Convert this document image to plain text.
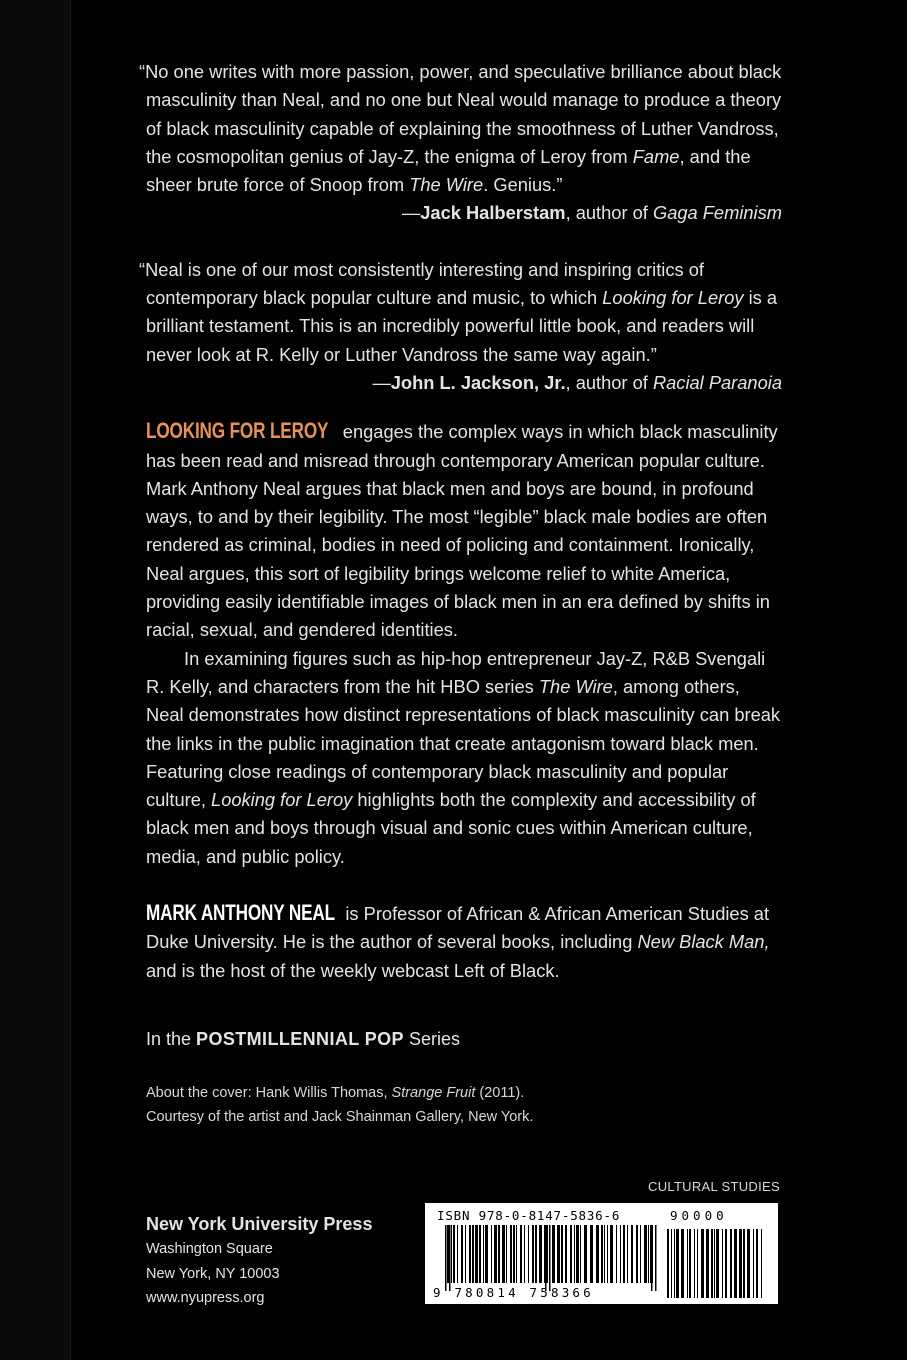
“No one writes with more passion, power, and speculative brilliance about black masculinity than Neal, and no one but Neal would manage to produce a theory of black masculinity capable of explaining the smoothness of Luther Vandross, the cosmopolitan genius of Jay-Z, the enigma of Leroy from Fame, and the sheer brute force of Snoop from The Wire. Genius.”

—Jack Halberstam, author of Gaga Feminism

“Neal is one of our most consistently interesting and inspiring critics of contemporary black popular culture and music, to which Looking for Leroy is a brilliant testament. This is an incredibly powerful little book, and readers will never look at R. Kelly or Luther Vandross the same way again.”

—John L. Jackson, Jr., author of Racial Paranoia

LOOKING FOR LEROY engages the complex ways in which black masculinity has been read and misread through contemporary American popular culture. Mark Anthony Neal argues that black men and boys are bound, in profound ways, to and by their legibility. The most “legible” black male bodies are often rendered as criminal, bodies in need of policing and containment. Ironically, Neal argues, this sort of legibility brings welcome relief to white America, providing easily identifiable images of black men in an era defined by shifts in racial, sexual, and gendered identities.

In examining figures such as hip-hop entrepreneur Jay-Z, R&B Svengali R. Kelly, and characters from the hit HBO series The Wire, among others, Neal demonstrates how distinct representations of black masculinity can break the links in the public imagination that create antagonism toward black men. Featuring close readings of contemporary black masculinity and popular culture, Looking for Leroy highlights both the complexity and accessibility of black men and boys through visual and sonic cues within American culture, media, and public policy.

MARK ANTHONY NEAL is Professor of African & African American Studies at Duke University. He is the author of several books, including New Black Man, and is the host of the weekly webcast Left of Black.

In the POSTMILLENNIAL POP Series
About the cover: Hank Willis Thomas, Strange Fruit (2011).
Courtesy of the artist and Jack Shainman Gallery, New York.
CULTURAL STUDIES
New York University Press
Washington Square
New York, NY 10003
www.nyupress.org
ISBN 978-0-8147-5836-6	90000
9 780814 758366
